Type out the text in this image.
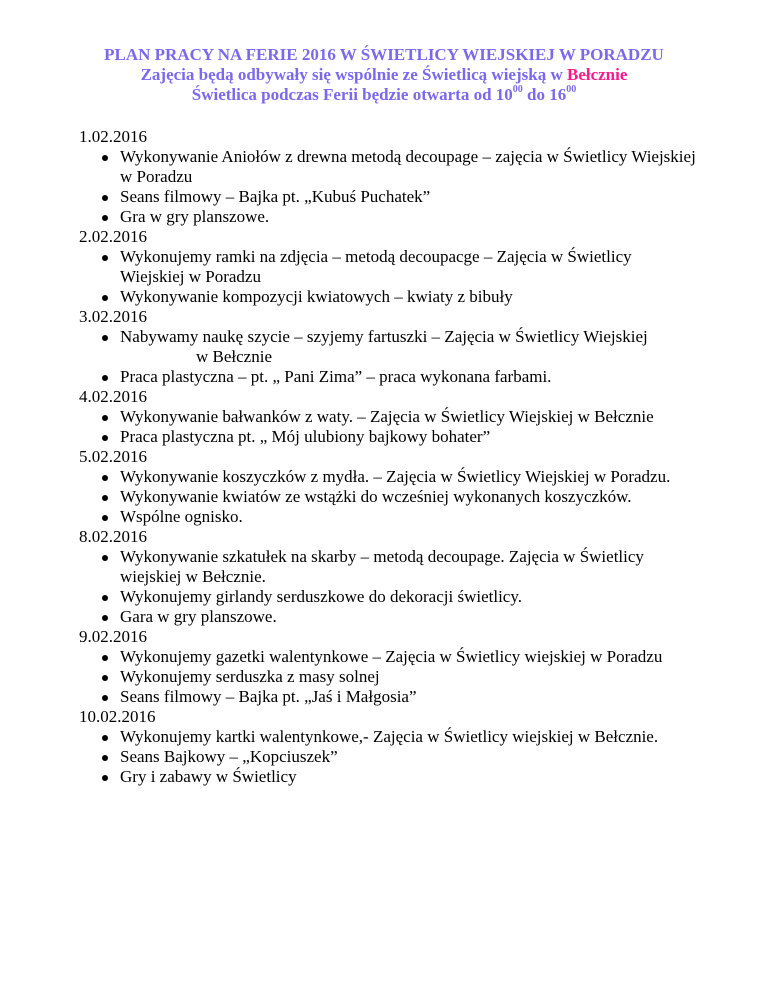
PLAN PRACY NA FERIE 2016 W ŚWIETLICY WIEJSKIEJ W PORADZU
Zajęcia będą odbywały się wspólnie ze Świetlicą wiejską w Bełcznie
Świetlica podczas Ferii będzie otwarta od $10^{00}$ do $16^{00}$
1.02.2016
Wykonywanie Aniołów z drewna metodą decoupage – zajęcia w Świetlicy Wiejskiej w Poradzu
Seans filmowy – Bajka pt. „Kubuś Puchatek”
Gra w gry planszowe.
2.02.2016
Wykonujemy ramki na zdjęcia – metodą decoupacge – Zajęcia w Świetlicy Wiejskiej w Poradzu
Wykonywanie kompozycji kwiatowych – kwiaty z bibuły
3.02.2016
Nabywamy naukę szycie – szyjemy fartuszki – Zajęcia w Świetlicy Wiejskiejw Bełcznie
Praca plastyczna – pt. „ Pani Zima” – praca wykonana farbami.
4.02.2016
Wykonywanie bałwanków z waty. – Zajęcia w Świetlicy Wiejskiej w Bełcznie
Praca plastyczna pt. „ Mój ulubiony bajkowy bohater”
5.02.2016
Wykonywanie koszyczków z mydła. – Zajęcia w Świetlicy Wiejskiej w Poradzu.
Wykonywanie kwiatów ze wstążki do wcześniej wykonanych koszyczków.
Wspólne ognisko.
8.02.2016
Wykonywanie szkatułek na skarby – metodą decoupage. Zajęcia w Świetlicy wiejskiej w Bełcznie.
Wykonujemy girlandy serduszkowe do dekoracji świetlicy.
Gara w gry planszowe.
9.02.2016
Wykonujemy gazetki walentynkowe – Zajęcia w Świetlicy wiejskiej w Poradzu
Wykonujemy serduszka z masy solnej
Seans filmowy – Bajka pt. „Jaś i Małgosia”
10.02.2016
Wykonujemy kartki walentynkowe,- Zajęcia w Świetlicy wiejskiej w Bełcznie.
Seans Bajkowy – „Kopciuszek”
Gry i zabawy w Świetlicy
